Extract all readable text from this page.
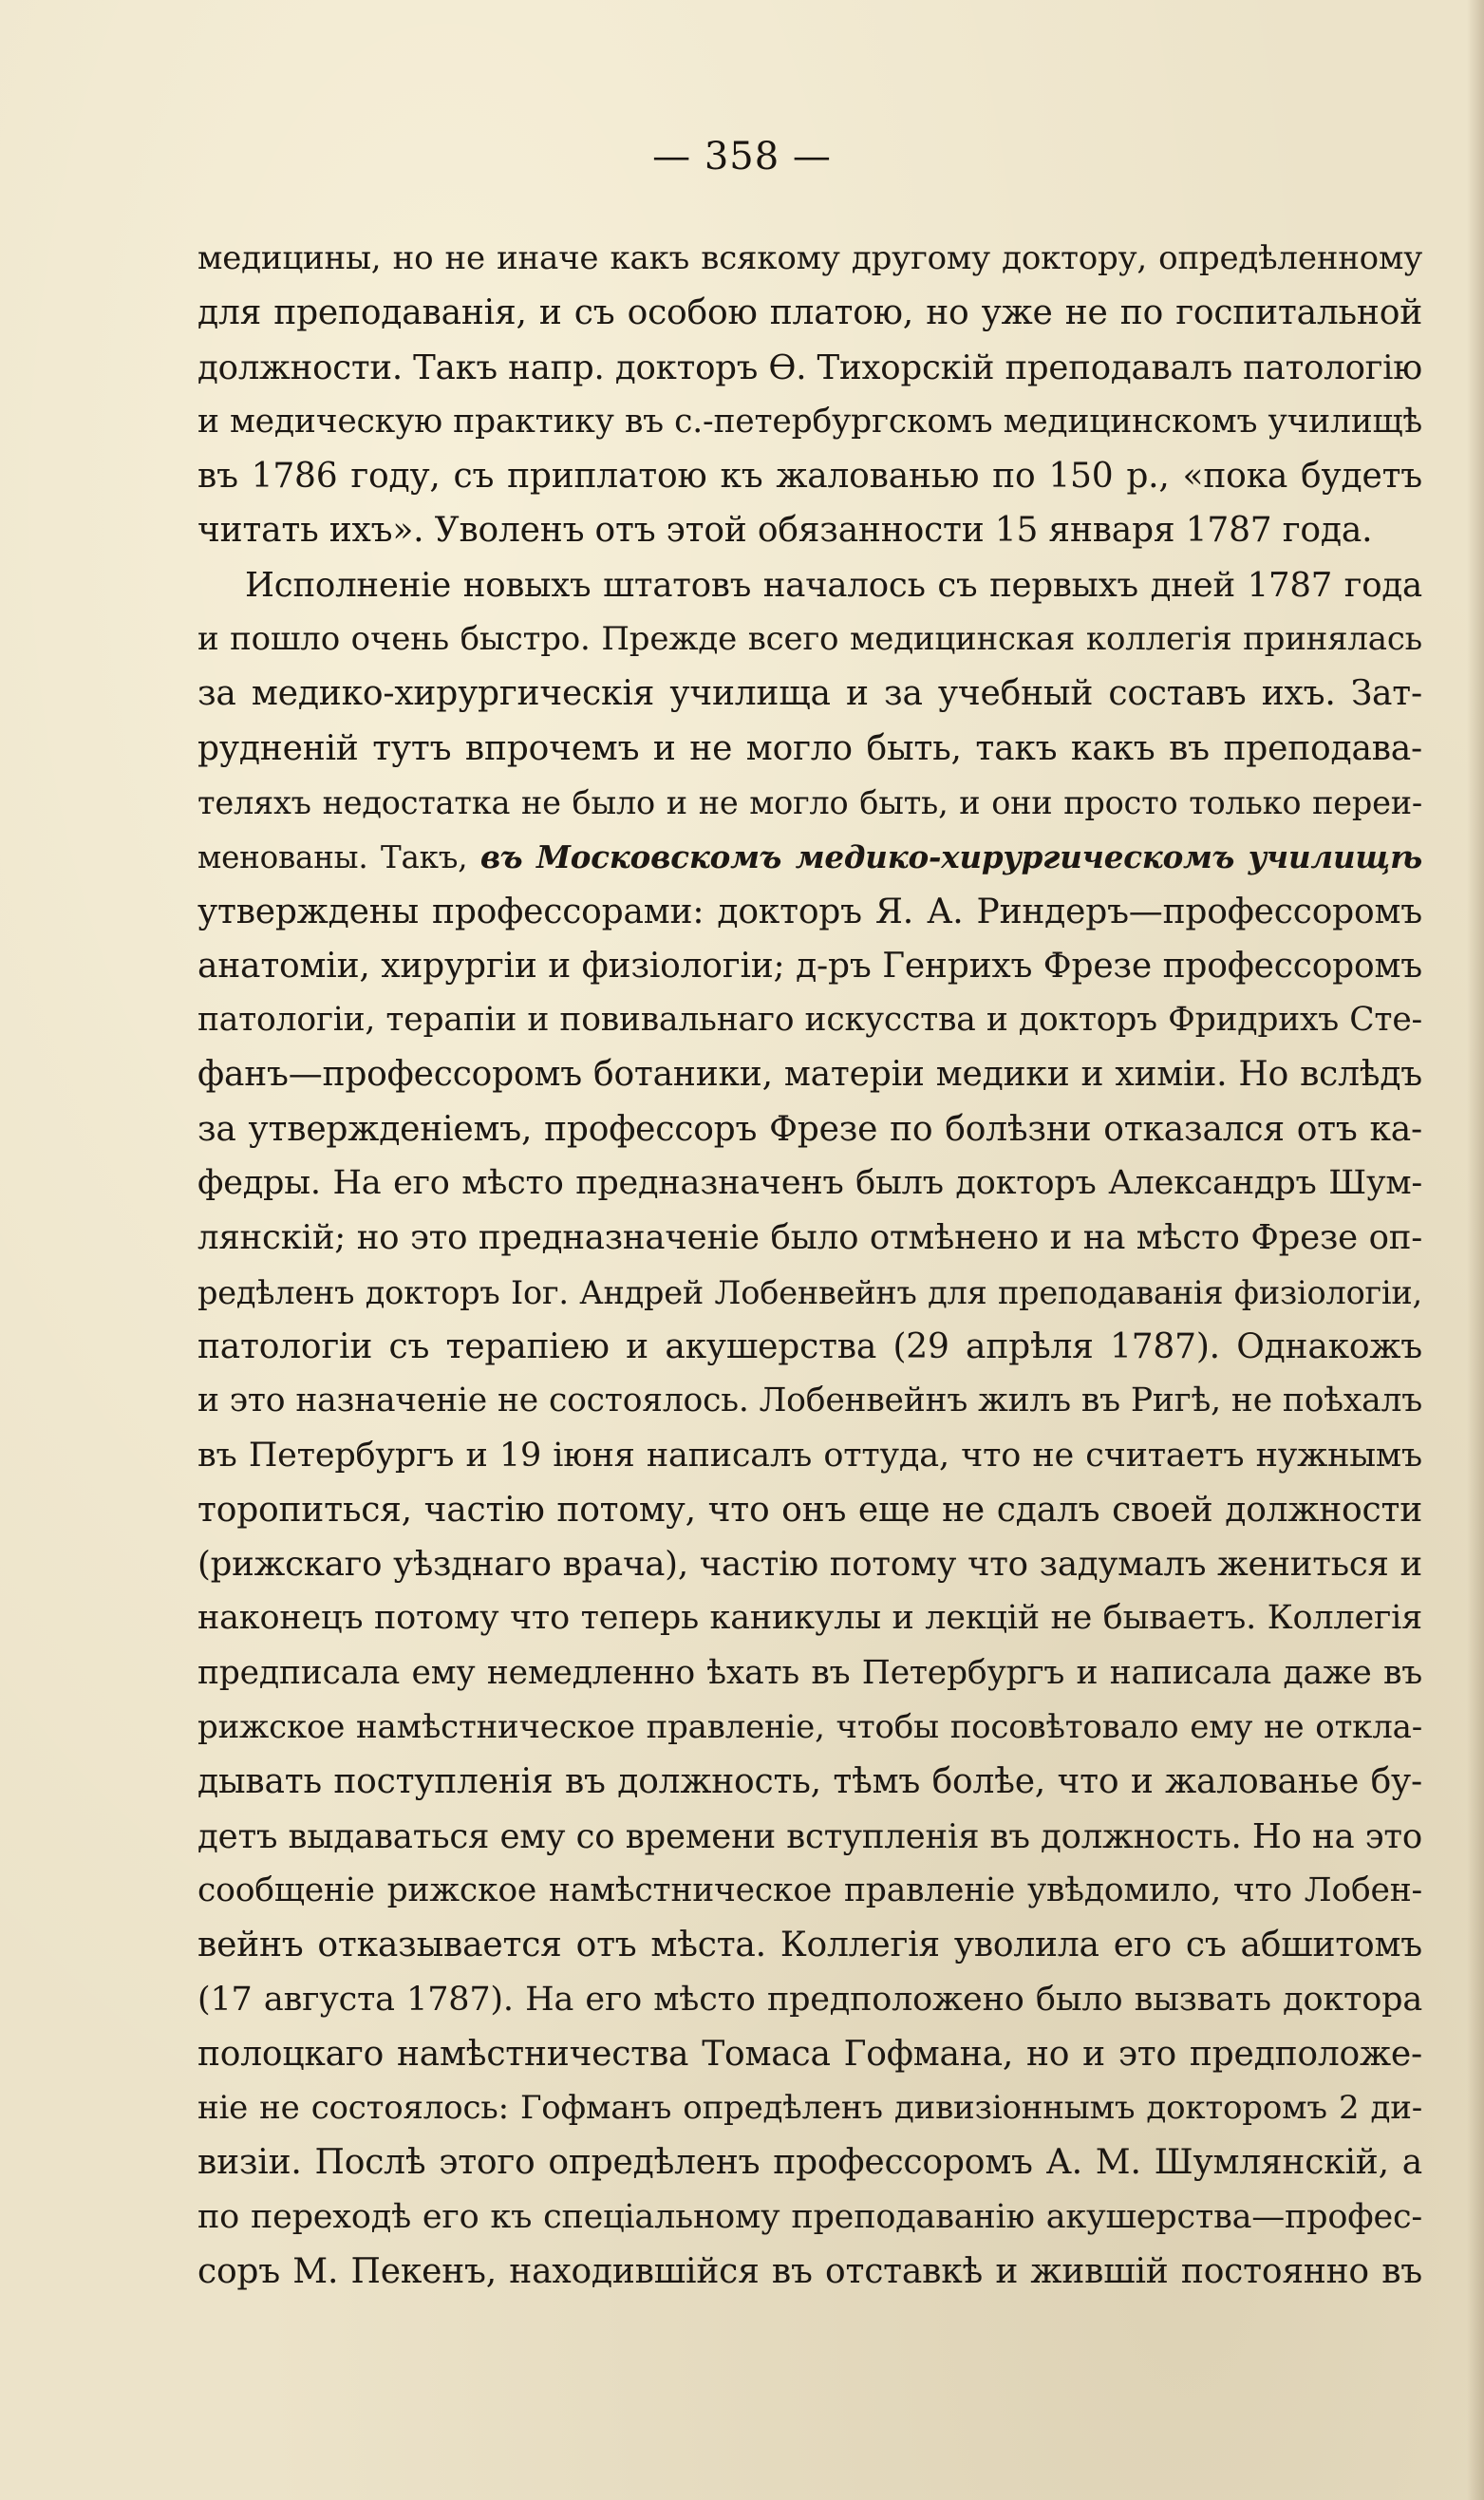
— 358 —
медицины, но не иначе какъ всякому другому доктору, опредѣленному
для преподаванія, и съ особою платою, но уже не по госпитальной
должности. Такъ напр. докторъ Ѳ. Тихорскій преподавалъ патологію
и медическую практику въ с.-петербургскомъ медицинскомъ училищѣ
въ 1786 году, съ приплатою къ жалованью по 150 р., «пока будетъ
читать ихъ». Уволенъ отъ этой обязанности 15 января 1787 года.
Исполненіе новыхъ штатовъ началось съ первыхъ дней 1787 года
и пошло очень быстро. Прежде всего медицинская коллегія принялась
за медико-хирургическія училища и за учебный составъ ихъ. Зат-
рудненій тутъ впрочемъ и не могло быть, такъ какъ въ преподава-
теляхъ недостатка не было и не могло быть, и они просто только переи-
менованы. Такъ, въ Московскомъ медико-хирургическомъ училищѣ
утверждены профессорами: докторъ Я. А. Риндеръ—профессоромъ
анатоміи, хирургіи и физіологіи; д-ръ Генрихъ Фрезе профессоромъ
патологіи, терапіи и повивальнаго искусства и докторъ Фридрихъ Сте-
фанъ—профессоромъ ботаники, матеріи медики и химіи. Но вслѣдъ
за утвержденіемъ, профессоръ Фрезе по болѣзни отказался отъ ка-
федры. На его мѣсто предназначенъ былъ докторъ Александръ Шум-
лянскій; но это предназначеніе было отмѣнено и на мѣсто Фрезе оп-
редѣленъ докторъ Іог. Андрей Лобенвейнъ для преподаванія физіологіи,
патологіи съ терапіею и акушерства (29 апрѣля 1787). Однакожъ
и это назначеніе не состоялось. Лобенвейнъ жилъ въ Ригѣ, не поѣхалъ
въ Петербургъ и 19 іюня написалъ оттуда, что не считаетъ нужнымъ
торопиться, частію потому, что онъ еще не сдалъ своей должности
(рижскаго уѣзднаго врача), частію потому что задумалъ жениться и
наконецъ потому что теперь каникулы и лекцій не бываетъ. Коллегія
предписала ему немедленно ѣхать въ Петербургъ и написала даже въ
рижское намѣстническое правленіе, чтобы посовѣтовало ему не откла-
дывать поступленія въ должность, тѣмъ болѣе, что и жалованье бу-
детъ выдаваться ему со времени вступленія въ должность. Но на это
сообщеніе рижское намѣстническое правленіе увѣдомило, что Лобен-
вейнъ отказывается отъ мѣста. Коллегія уволила его съ абшитомъ
(17 августа 1787). На его мѣсто предположено было вызвать доктора
полоцкаго намѣстничества Томаса Гофмана, но и это предположе-
ніе не состоялось: Гофманъ опредѣленъ дивизіоннымъ докторомъ 2 ди-
визіи. Послѣ этого опредѣленъ профессоромъ А. М. Шумлянскій, а
по переходѣ его къ спеціальному преподаванію акушерства—профес-
соръ М. Пекенъ, находившійся въ отставкѣ и жившій постоянно въ
